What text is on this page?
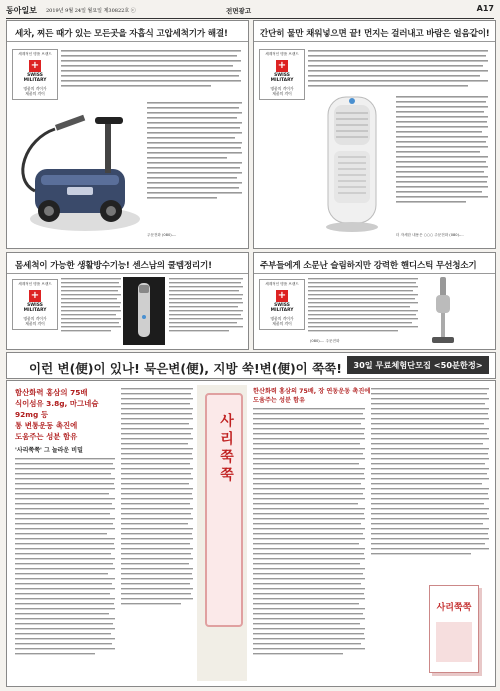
동아일보 2019년 9월 24일 월요일 제30822호 ⓒ	전면광고	A17
세차, 찌든 때가 있는 모든곳을 자흡식 고압세척기가 해결!
세계적인 명품 브랜드
+
SWISS
MILITARY
명품의 격이가
제품의 격이
주문전화 (080)-...
간단히 물만 채워넣으면 끝! 먼지는 걸러내고 바람은 얼음같이!
세계적인 명품 브랜드
+
SWISS
MILITARY
명품의 격이가
제품의 격이
더 자세한 내용은 ○○○ 주문전화 (080)-...
몸세척이 가능한 생활방수기능! 센스남의 쿨템정리기!
세계적인 명품 브랜드
+
SWISS
MILITARY
명품의 격이가
제품의 격이
주부들에게 소문난 슬림하지만 강력한 핸디스틱 무선청소기
세계적인 명품 브랜드
+
SWISS
MILITARY
명품의 격이가
제품의 격이
(080)-... 주문전화
이런 변(便)이 있나! 묵은변(便), 지방 쑥!변(便)이 쭉쭉!	30일 무료체험단모집 <50분한정>
함산화력 홍삼의 75배
식이섬유 3.8g, 마그네슘
92mg 등
통 변통운동 촉진에
도움주는 성분 함유
'사리쭉쭉' 그 놀라운 비밀	사리쭉쭉
한산화력 홍삼의 75배, 장 연동운동 촉진에
도움주는 성분 함유
사리쭉쭉
